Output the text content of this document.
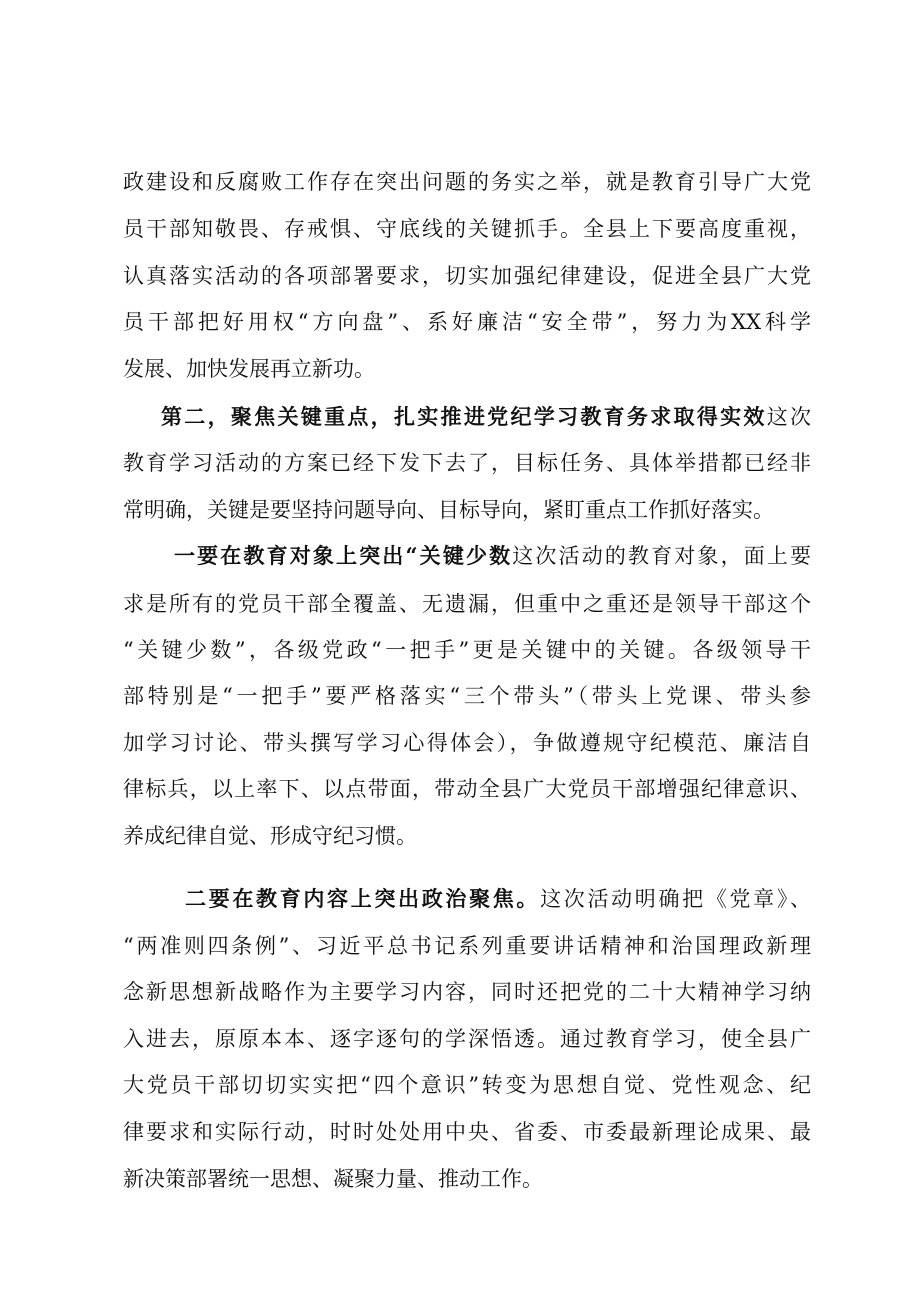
政建设和反腐败工作存在突出问题的务实之举，就是教育引导广大党
员干部知敬畏、存戒惧、守底线的关键抓手。全县上下要高度重视，
认真落实活动的各项部署要求，切实加强纪律建设，促进全县广大党
员干部把好用权“方向盘”、系好廉洁“安全带”，努力为XX科学
发展、加快发展再立新功。
第二，聚焦关键重点，扎实推进党纪学习教育务求取得实效这次
教育学习活动的方案已经下发下去了，目标任务、具体举措都已经非
常明确，关键是要坚持问题导向、目标导向，紧盯重点工作抓好落实。
一要在教育对象上突出“关键少数这次活动的教育对象，面上要
求是所有的党员干部全覆盖、无遗漏，但重中之重还是领导干部这个
“关键少数”，各级党政“一把手”更是关键中的关键。各级领导干
部特别是“一把手”要严格落实“三个带头”（带头上党课、带头参
加学习讨论、带头撰写学习心得体会），争做遵规守纪模范、廉洁自
律标兵，以上率下、以点带面，带动全县广大党员干部增强纪律意识、
养成纪律自觉、形成守纪习惯。
二要在教育内容上突出政治聚焦。这次活动明确把《党章》、
“两准则四条例”、习近平总书记系列重要讲话精神和治国理政新理
念新思想新战略作为主要学习内容，同时还把党的二十大精神学习纳
入进去，原原本本、逐字逐句的学深悟透。通过教育学习，使全县广
大党员干部切切实实把“四个意识”转变为思想自觉、党性观念、纪
律要求和实际行动，时时处处用中央、省委、市委最新理论成果、最
新决策部署统一思想、凝聚力量、推动工作。
